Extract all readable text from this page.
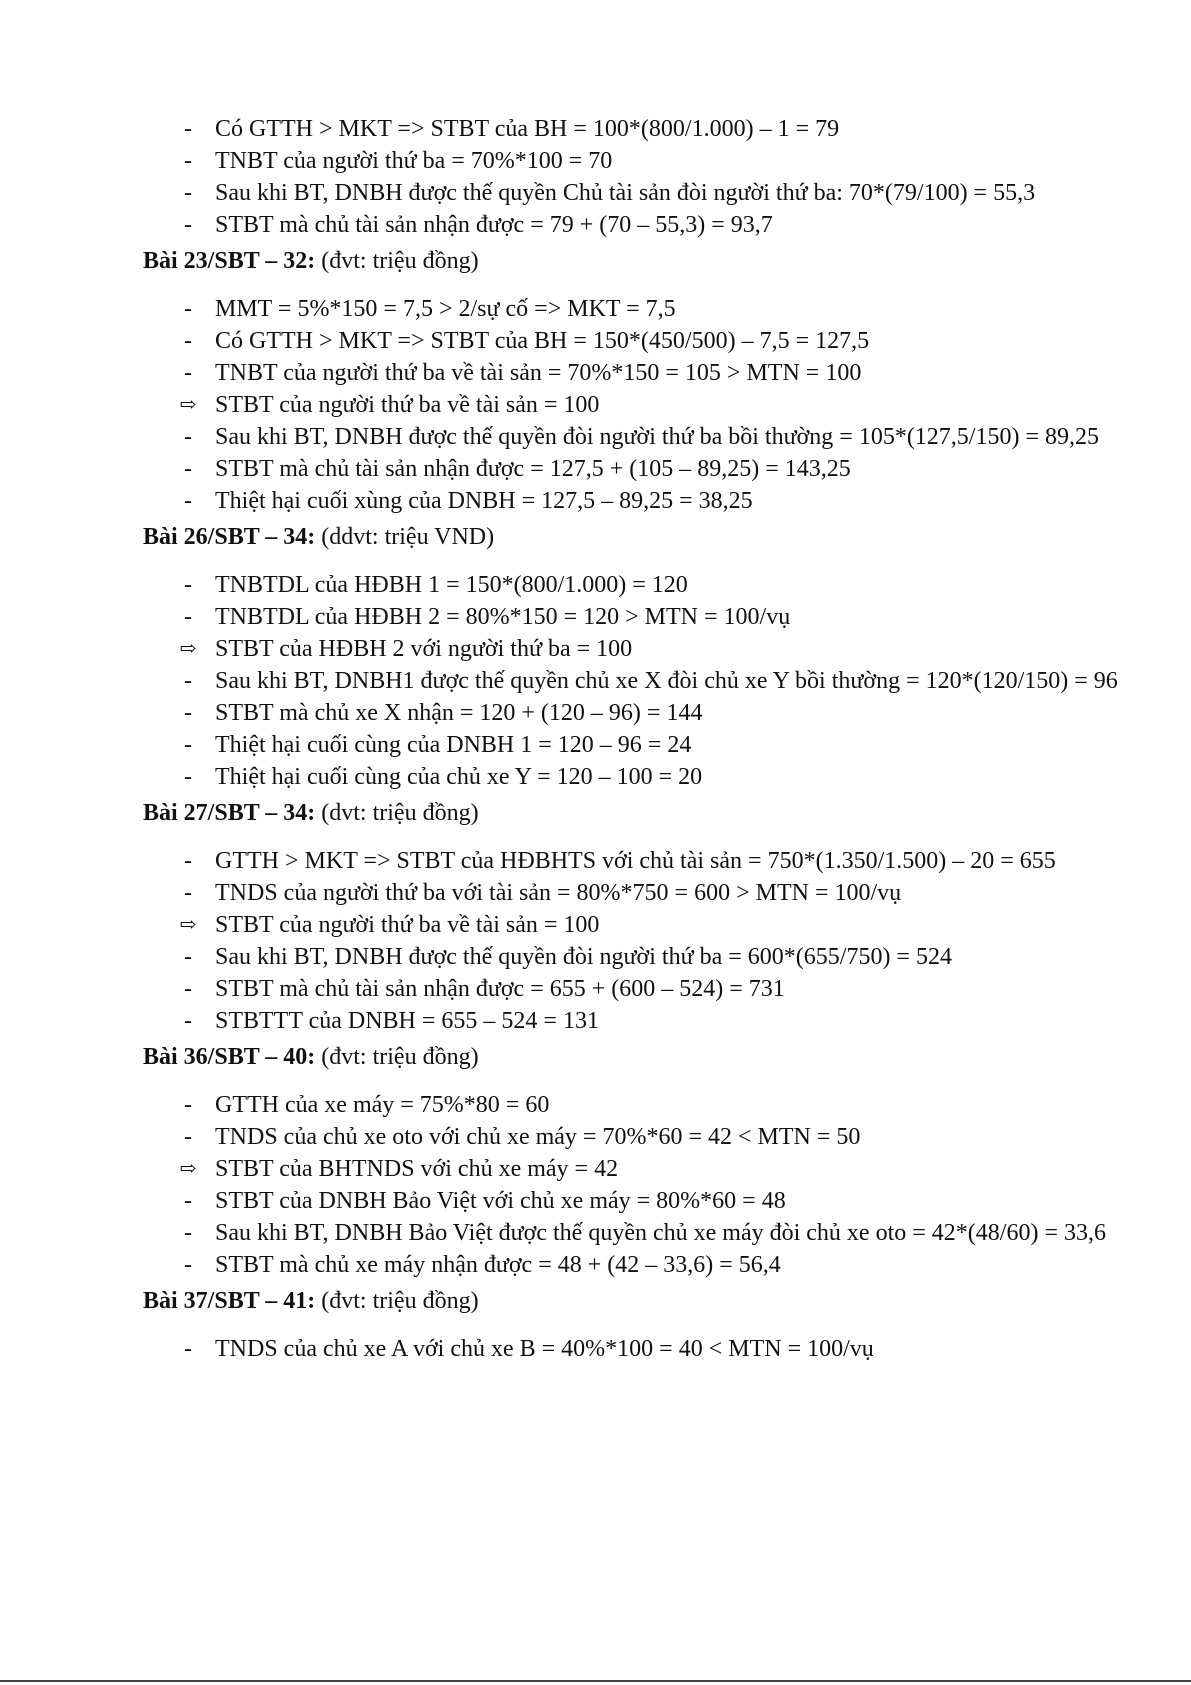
- Có GTTH > MKT => STBT của BH = 100*(800/1.000) – 1 = 79
- TNBT của người thứ ba = 70%*100 = 70
- Sau khi BT, DNBH được thế quyền Chủ tài sản đòi người thứ ba: 70*(79/100) = 55,3
- STBT mà chủ tài sản nhận được = 79 + (70 – 55,3) = 93,7
Bài 23/SBT – 32: (đvt: triệu đồng)
- MMT = 5%*150 = 7,5 > 2/sự cố => MKT = 7,5
- Có GTTH > MKT => STBT của BH = 150*(450/500) – 7,5 = 127,5
- TNBT của người thứ ba về tài sản = 70%*150 = 105 > MTN = 100
⇨ STBT của người thứ ba về tài sản = 100
- Sau khi BT, DNBH được thế quyền đòi người thứ ba bồi thường = 105*(127,5/150) = 89,25
- STBT mà chủ tài sản nhận được = 127,5 + (105 – 89,25) = 143,25
- Thiệt hại cuối xùng của DNBH = 127,5 – 89,25 = 38,25
Bài 26/SBT – 34: (ddvt: triệu VND)
- TNBTDL của HĐBH 1 = 150*(800/1.000) = 120
- TNBTDL của HĐBH 2 = 80%*150 = 120 > MTN = 100/vụ
⇨ STBT của HĐBH 2 với người thứ ba = 100
- Sau khi BT, DNBH1 được thế quyền chủ xe X đòi chủ xe Y bồi thường = 120*(120/150) = 96
- STBT mà chủ xe X nhận = 120 + (120 – 96) = 144
- Thiệt hại cuối cùng của DNBH 1 = 120 – 96 = 24
- Thiệt hại cuối cùng của chủ xe Y = 120 – 100 = 20
Bài 27/SBT – 34: (dvt: triệu đồng)
- GTTH > MKT => STBT của HĐBHTS với chủ tài sản = 750*(1.350/1.500) – 20 = 655
- TNDS của người thứ ba với tài sản = 80%*750 = 600 > MTN = 100/vụ
⇨ STBT của người thứ ba về tài sản = 100
- Sau khi BT, DNBH được thế quyền đòi người thứ ba = 600*(655/750) = 524
- STBT mà chủ tài sản nhận được = 655 + (600 – 524) = 731
- STBTTT của DNBH = 655 – 524 = 131
Bài 36/SBT – 40: (đvt: triệu đồng)
- GTTH của xe máy = 75%*80 = 60
- TNDS của chủ xe oto với chủ xe máy = 70%*60 = 42 < MTN = 50
⇨ STBT của BHTNDS với chủ xe máy = 42
- STBT của DNBH Bảo Việt với chủ xe máy = 80%*60 = 48
- Sau khi BT, DNBH Bảo Việt được thế quyền chủ xe máy đòi chủ xe oto = 42*(48/60) = 33,6
- STBT mà chủ xe máy nhận được = 48 + (42 – 33,6) = 56,4
Bài 37/SBT – 41: (đvt: triệu đồng)
- TNDS của chủ xe A với chủ xe B = 40%*100 = 40 < MTN = 100/vụ
